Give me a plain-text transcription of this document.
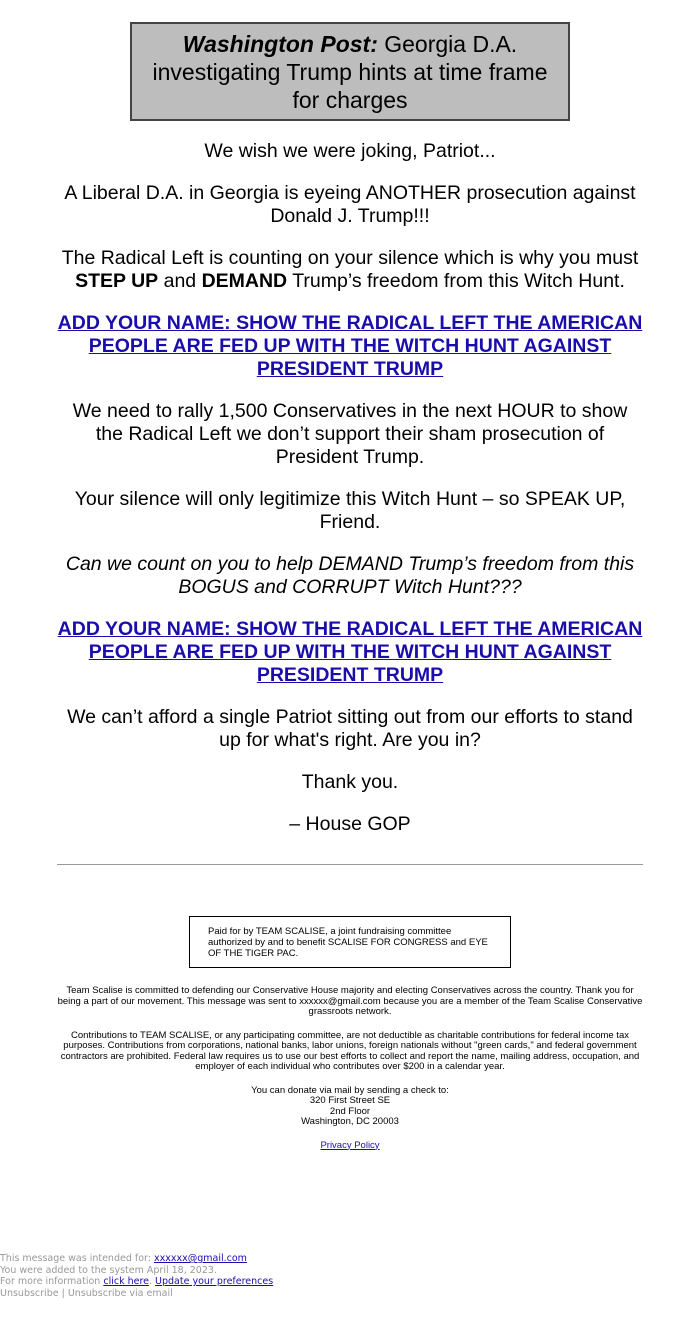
Washington Post: Georgia D.A. investigating Trump hints at time frame for charges

We wish we were joking, Patriot...

A Liberal D.A. in Georgia is eyeing ANOTHER prosecution against Donald J. Trump!!!

The Radical Left is counting on your silence which is why you must STEP UP and DEMAND Trump’s freedom from this Witch Hunt.

ADD YOUR NAME: SHOW THE RADICAL LEFT THE AMERICAN PEOPLE ARE FED UP WITH THE WITCH HUNT AGAINST PRESIDENT TRUMP

We need to rally 1,500 Conservatives in the next HOUR to show the Radical Left we don’t support their sham prosecution of President Trump.

Your silence will only legitimize this Witch Hunt – so SPEAK UP, Friend.

Can we count on you to help DEMAND Trump’s freedom from this BOGUS and CORRUPT Witch Hunt???

ADD YOUR NAME: SHOW THE RADICAL LEFT THE AMERICAN PEOPLE ARE FED UP WITH THE WITCH HUNT AGAINST PRESIDENT TRUMP

We can’t afford a single Patriot sitting out from our efforts to stand up for what's right. Are you in?

Thank you.

– House GOP

Paid for by TEAM SCALISE, a joint fundraising committee authorized by and to benefit SCALISE FOR CONGRESS and EYE OF THE TIGER PAC.

Team Scalise is committed to defending our Conservative House majority and electing Conservatives across the country. Thank you for being a part of our movement. This message was sent to xxxxxx@gmail.com because you are a member of the Team Scalise Conservative grassroots network.

Contributions to TEAM SCALISE, or any participating committee, are not deductible as charitable contributions for federal income tax purposes. Contributions from corporations, national banks, labor unions, foreign nationals without "green cards," and federal government contractors are prohibited. Federal law requires us to use our best efforts to collect and report the name, mailing address, occupation, and employer of each individual who contributes over $200 in a calendar year.

You can donate via mail by sending a check to:

320 First Street SE

2nd Floor

Washington, DC 20003

Privacy Policy

This message was intended for: xxxxxx@gmail.com
You were added to the system April 18, 2023.
For more information click here. Update your preferences
Unsubscribe | Unsubscribe via email
